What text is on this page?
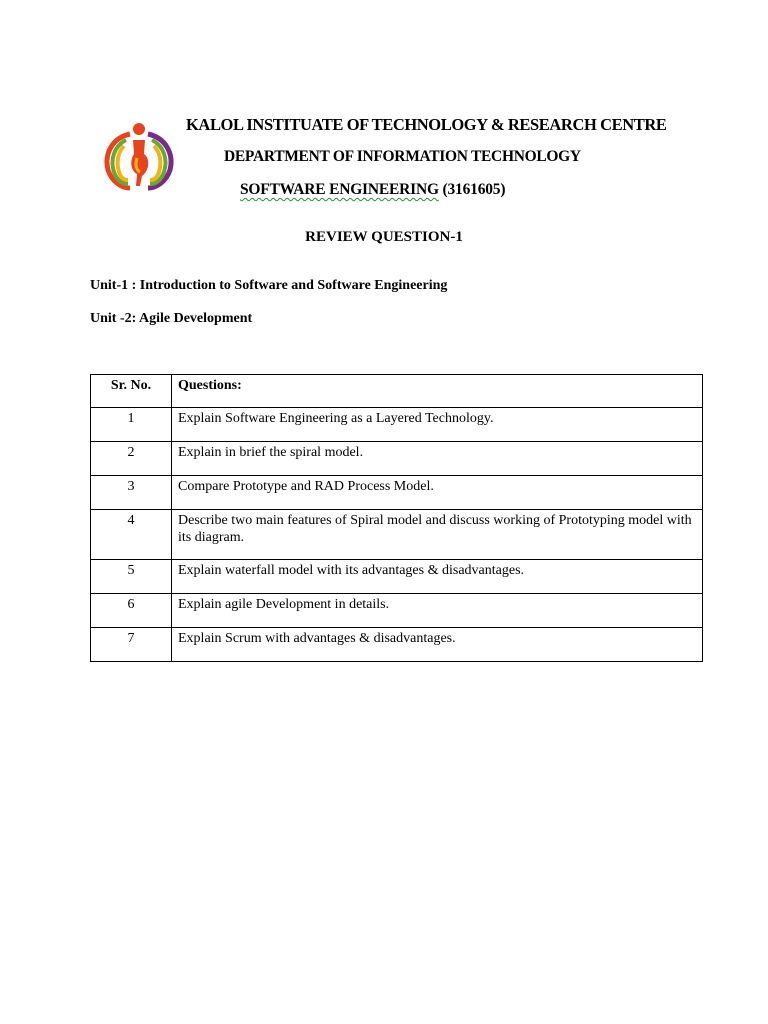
KALOL INSTITUATE OF TECHNOLOGY & RESEARCH CENTRE
DEPARTMENT OF INFORMATION TECHNOLOGY
SOFTWARE ENGINEERING (3161605)
REVIEW QUESTION-1
Unit-1 : Introduction to Software and Software Engineering
Unit -2: Agile Development
Sr. No.	Questions:
1	Explain Software Engineering as a Layered Technology.
2	Explain in brief the spiral model.
3	Compare Prototype and RAD Process Model.
4	Describe two main features of Spiral model and discuss working of Prototyping model with its diagram.
5	Explain waterfall model with its advantages & disadvantages.
6	Explain agile Development in details.
7	Explain Scrum with advantages & disadvantages.
